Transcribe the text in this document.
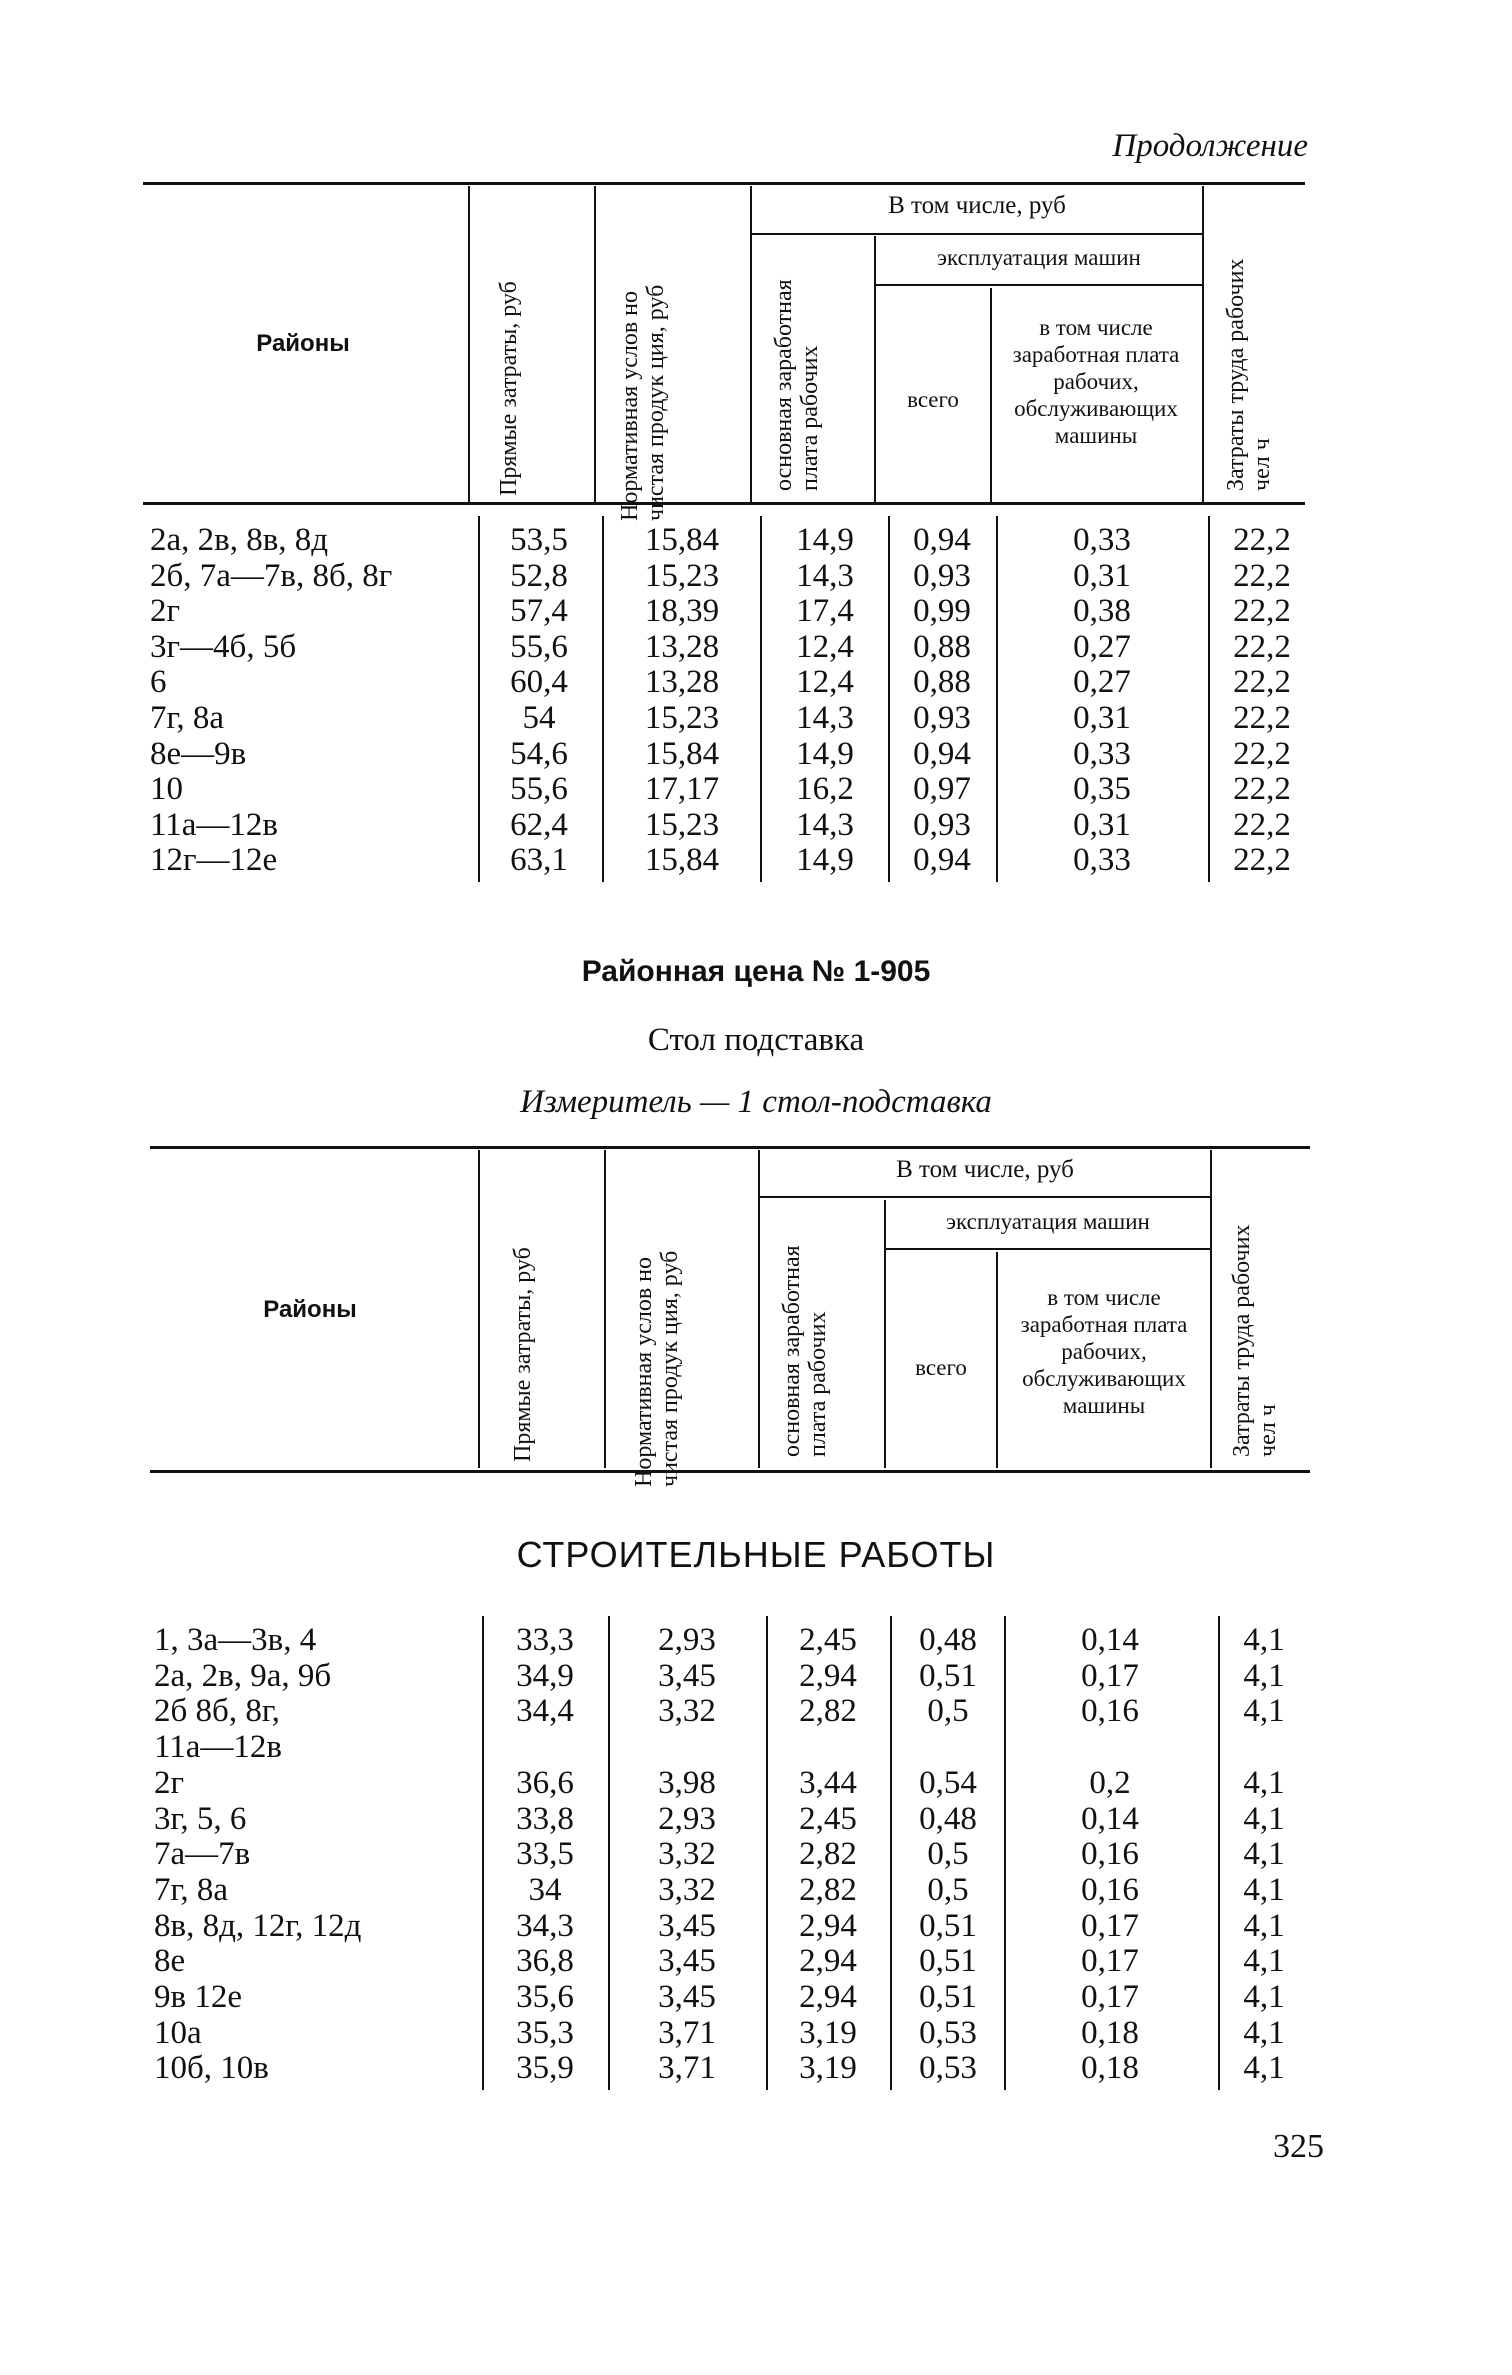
Продолжение
Районы
В том числе, руб
эксплуатация машин
всего
в том числе заработная плата рабочих, обслуживающих машины
Прямые затраты, руб	Нормативная услов но чистая продук ция, руб	основная заработная плата рабочих	Затраты труда рабочих чел ч
2а, 2в, 8в, 8д	53,5	15,84	14,9	0,94	0,33	22,2
2б, 7а—7в, 8б, 8г	52,8	15,23	14,3	0,93	0,31	22,2
2г	57,4	18,39	17,4	0,99	0,38	22,2
3г—4б, 5б	55,6	13,28	12,4	0,88	0,27	22,2
6	60,4	13,28	12,4	0,88	0,27	22,2
7г, 8а	54	15,23	14,3	0,93	0,31	22,2
8е—9в	54,6	15,84	14,9	0,94	0,33	22,2
10	55,6	17,17	16,2	0,97	0,35	22,2
11а—12в	62,4	15,23	14,3	0,93	0,31	22,2
12г—12е	63,1	15,84	14,9	0,94	0,33	22,2
Районная цена № 1-905
Стол подставка
Измеритель — 1 стол-подставка
Районы
В том числе, руб
эксплуатация машин
всего
в том числе заработная плата рабочих, обслуживающих машины
Прямые затраты, руб	Нормативная услов но чистая продук ция, руб	основная заработная плата рабочих	Затраты труда рабочих чел ч
СТРОИТЕЛЬНЫЕ РАБОТЫ
1, 3а—3в, 4	33,3	2,93	2,45	0,48	0,14	4,1
2а, 2в, 9а, 9б	34,9	3,45	2,94	0,51	0,17	4,1
2б 8б, 8г,	34,4	3,32	2,82	0,5	0,16	4,1
11а—12в
2г	36,6	3,98	3,44	0,54	0,2	4,1
3г, 5, 6	33,8	2,93	2,45	0,48	0,14	4,1
7а—7в	33,5	3,32	2,82	0,5	0,16	4,1
7г, 8а	34	3,32	2,82	0,5	0,16	4,1
8в, 8д, 12г, 12д	34,3	3,45	2,94	0,51	0,17	4,1
8е	36,8	3,45	2,94	0,51	0,17	4,1
9в 12е	35,6	3,45	2,94	0,51	0,17	4,1
10а	35,3	3,71	3,19	0,53	0,18	4,1
10б, 10в	35,9	3,71	3,19	0,53	0,18	4,1
325
